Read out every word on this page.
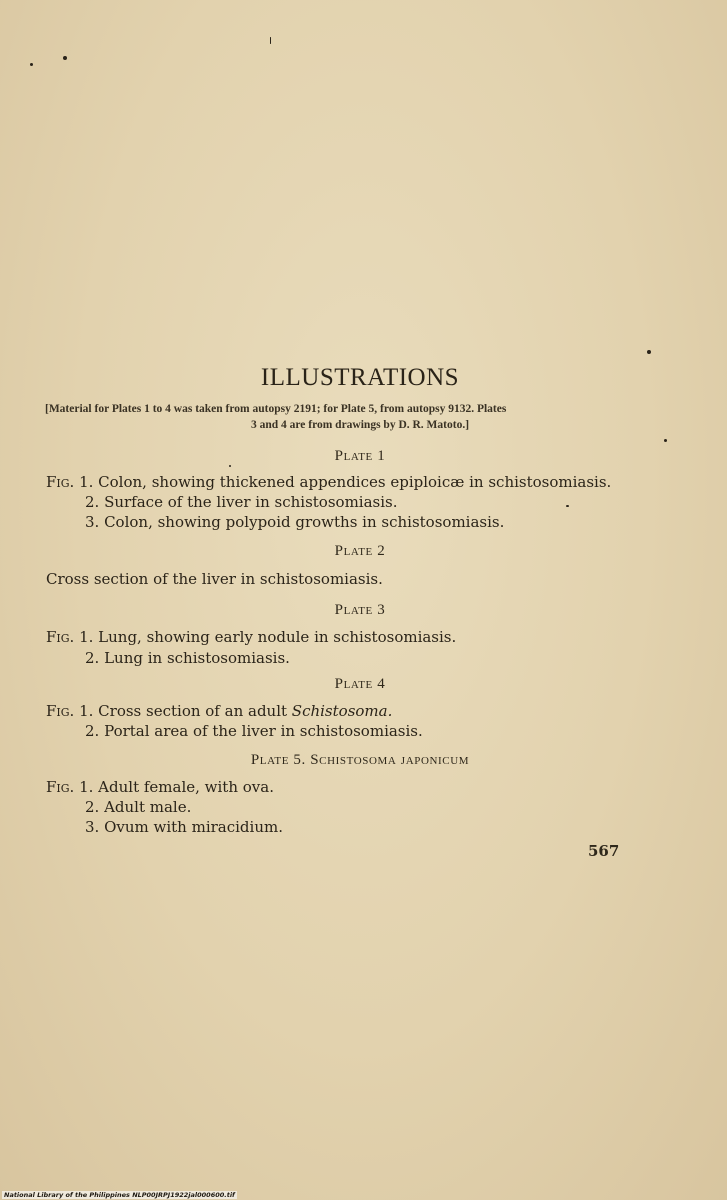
ILLUSTRATIONS
[Material for Plates 1 to 4 was taken from autopsy 2191; for Plate 5, from autopsy 9132. Plates
3 and 4 are from drawings by D. R. Matoto.]
Plate 1
Fig. 1. Colon, showing thickened appendices epiploicæ in schistosomiasis.
2. Surface of the liver in schistosomiasis.
3. Colon, showing polypoid growths in schistosomiasis.
Plate 2
Cross section of the liver in schistosomiasis.
Plate 3
Fig. 1. Lung, showing early nodule in schistosomiasis.
2. Lung in schistosomiasis.
Plate 4
Fig. 1. Cross section of an adult Schistosoma.
2. Portal area of the liver in schistosomiasis.
Plate 5. Schistosoma japonicum
Fig. 1. Adult female, with ova.
2. Adult male.
3. Ovum with miracidium.
567
National Library of the Philippines NLP00JRPJ1922jal000600.tif
